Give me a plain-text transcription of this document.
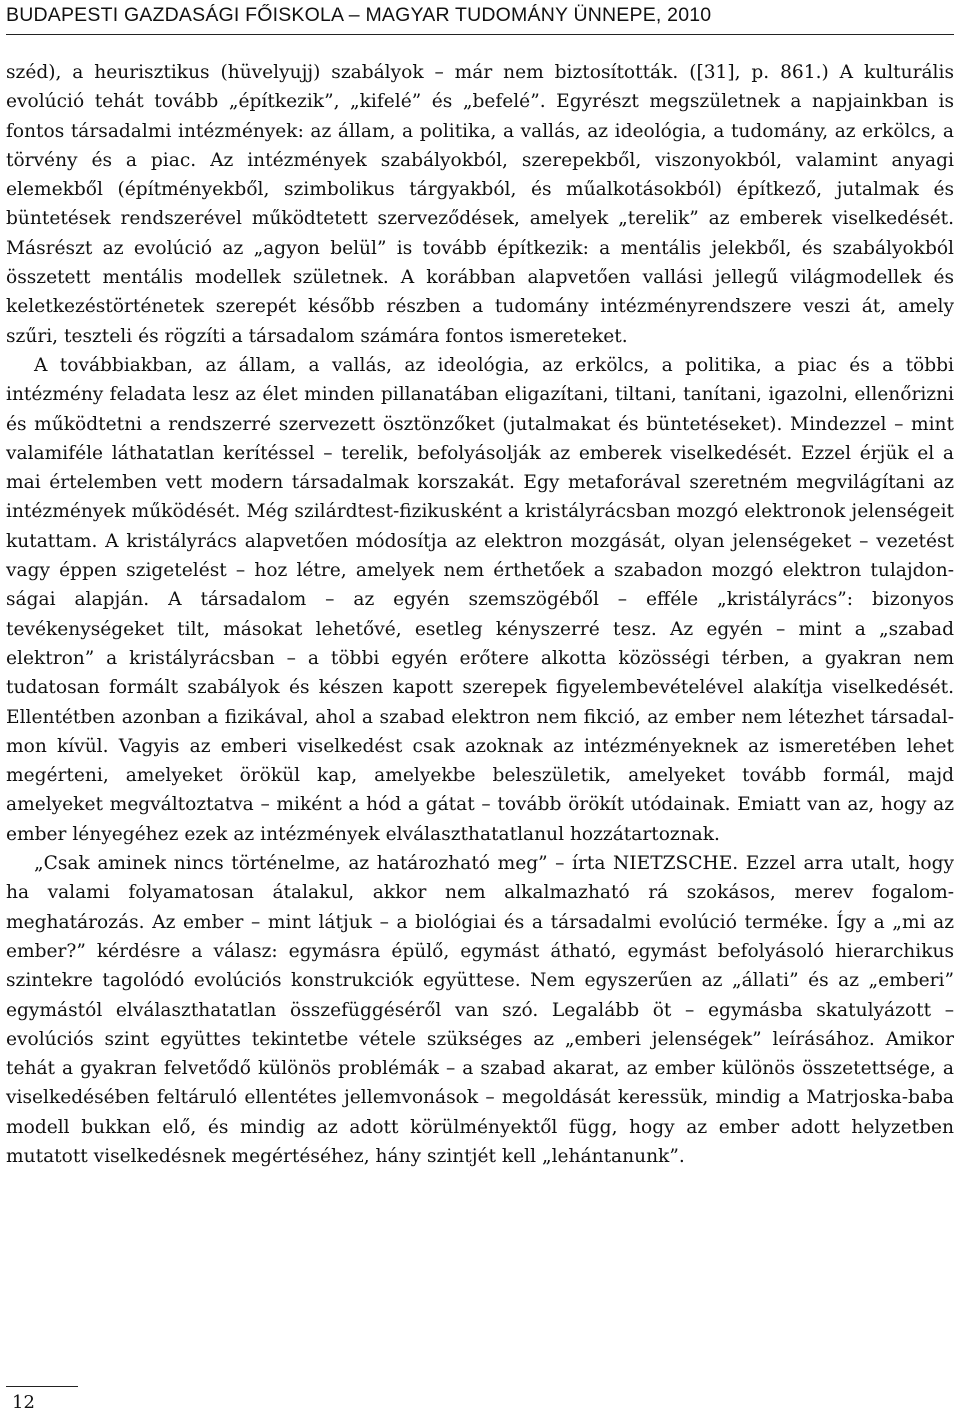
BUDAPESTI GAZDASÁGI FŐISKOLA – MAGYAR TUDOMÁNY ÜNNEPE, 2010

széd), a heurisztikus (hüvelyujj) szabályok – már nem biztosították. ([31], p. 861.) A kulturális evolúció tehát tovább „építkezik”, „kifelé” és „befelé”. Egyrészt megszületnek a napjainkban is fontos társadalmi intézmények: az állam, a politika, a vallás, az ideológia, a tudomány, az erkölcs, a törvény és a piac. Az intézmények szabályokból, szerepekből, viszonyokból, valamint anyagi elemekből (építményekből, szimbolikus tárgyakból, és műalkotásokból) építkező, jutalmak és büntetések rendszerével működtetett szerveződések, amelyek „terelik” az emberek viselkedését. Másrészt az evolúció az „agyon belül” is tovább építkezik: a mentális jelekből, és szabályokból összetett mentális modellek születnek. A korábban alapvetően vallási jellegű világmodellek és keletkezéstörténetek szerepét később részben a tudomány intézményrendszere veszi át, amely szűri, teszteli és rögzíti a társadalom számára fontos ismereteket.

A továbbiakban, az állam, a vallás, az ideológia, az erkölcs, a politika, a piac és a többi intézmény feladata lesz az élet minden pillanatában eligazítani, tiltani, tanítani, igazolni, ellenőrizni és működtetni a rendszerré szervezett ösztönzőket (jutalmakat és büntetéseket). Mindezzel – mint valamiféle láthatatlan kerítéssel – terelik, befolyásolják az emberek viselkedését. Ezzel érjük el a mai értelemben vett modern társadalmak korszakát. Egy metaforával szeretném megvilágítani az intézmények működését. Még szilárdtest-fizikusként a kristályrácsban mozgó elektronok jelenségeit kutattam. A kristályrács alapvetően módosítja az elektron mozgását, olyan jelenségeket – vezetést vagy éppen szigetelést – hoz létre, amelyek nem érthetőek a szabadon mozgó elektron tulajdonságai alapján. A társadalom – az egyén szemszögéből – efféle „kristályrács”: bizonyos tevékenységeket tilt, másokat lehetővé, esetleg kényszerré tesz. Az egyén – mint a „szabad elektron” a kristályrácsban – a többi egyén erőtere alkotta közösségi térben, a gyakran nem tudatosan formált szabályok és készen kapott szerepek figyelembevételével alakítja viselkedését. Ellentétben azonban a fizikával, ahol a szabad elektron nem fikció, az ember nem létezhet társadalmon kívül. Vagyis az emberi viselkedést csak azoknak az intézményeknek az ismeretében lehet megérteni, amelyeket örökül kap, amelyekbe beleszületik, amelyeket tovább formál, majd amelyeket megváltoztatva – miként a hód a gátat – tovább örökít utódainak. Emiatt van az, hogy az ember lényegéhez ezek az intézmények elválaszthatatlanul hozzátartoznak.

„Csak aminek nincs történelme, az határozható meg” – írta NIETZSCHE. Ezzel arra utalt, hogy ha valami folyamatosan átalakul, akkor nem alkalmazható rá szokásos, merev fogalom-meghatározás. Az ember – mint látjuk – a biológiai és a társadalmi evolúció terméke. Így a „mi az ember?” kérdésre a válasz: egymásra épülő, egymást átható, egymást befolyásoló hierarchikus szintekre tagolódó evolúciós konstrukciók együttese. Nem egyszerűen az „állati” és az „emberi” egymástól elválaszthatatlan összefüggéséről van szó. Legalább öt – egymásba skatulyázott – evolúciós szint együttes tekintetbe vétele szükséges az „emberi jelenségek” leírásához. Amikor tehát a gyakran felvetődő különös problémák – a szabad akarat, az ember különös összetettsége, a viselkedésében feltáruló ellentétes jellemvonások – megoldását keressük, mindig a Matrjoska-baba modell bukkan elő, és mindig az adott körülményektől függ, hogy az ember adott helyzetben mutatott viselkedésnek megértéséhez, hány szintjét kell „lehántanunk”.

12
